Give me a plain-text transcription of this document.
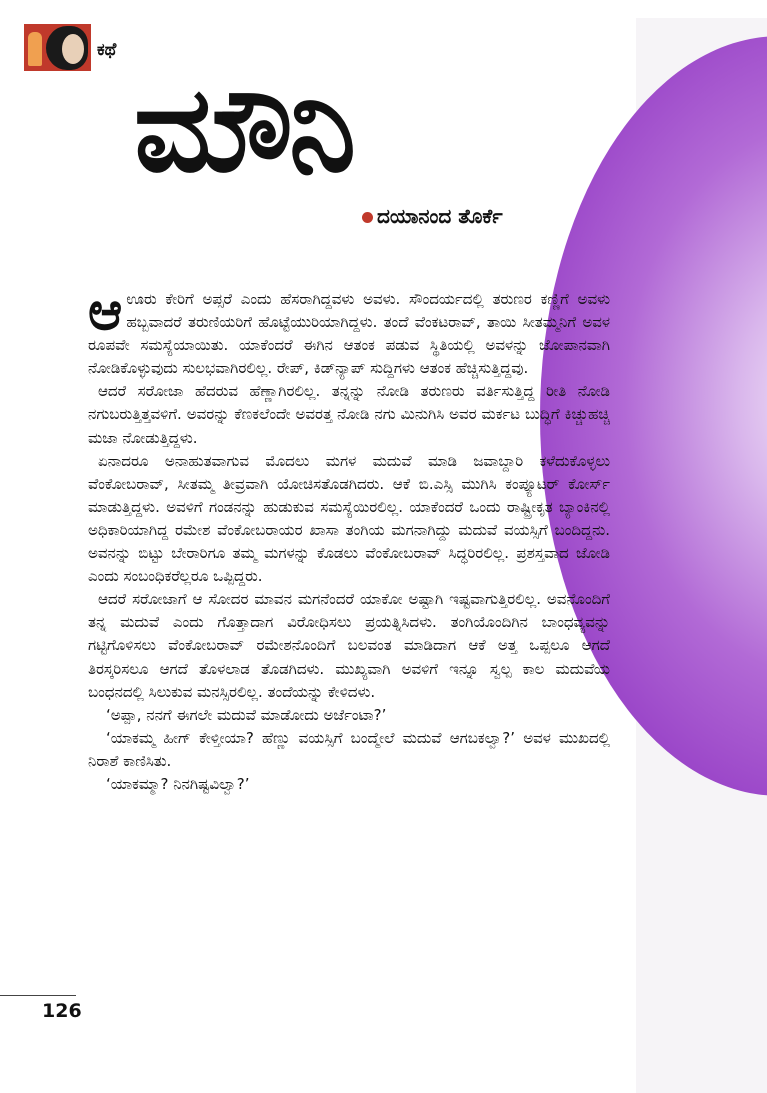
ಕಥೆ
ಮೌನಿ
ದಯಾನಂದ ತೊರ್ಕೆ

ಆಊರು ಕೇರಿಗೆ ಅಪ್ಸರೆ ಎಂದು ಹೆಸರಾಗಿದ್ದವಳು ಅವಳು. ಸೌಂದರ್ಯದಲ್ಲಿ ತರುಣರ ಕಣ್ಣಿಗೆ ಅವಳು ಹಬ್ಬವಾದರೆ ತರುಣಿಯರಿಗೆ ಹೊಟ್ಟೆಯುರಿಯಾಗಿದ್ದಳು. ತಂದೆ ವೆಂಕಟರಾವ್, ತಾಯಿ ಸೀತಮ್ಮನಿಗೆ ಅವಳ ರೂಪವೇ ಸಮಸ್ಯೆಯಾಯಿತು. ಯಾಕೆಂದರೆ ಈಗಿನ ಆತಂಕ ಪಡುವ ಸ್ಥಿತಿಯಲ್ಲಿ ಅವಳನ್ನು ಜೋಪಾನವಾಗಿ ನೋಡಿಕೊಳ್ಳುವುದು ಸುಲಭವಾಗಿರಲಿಲ್ಲ. ರೇಪ್, ಕಿಡ್‌ನ್ಯಾಪ್ ಸುದ್ದಿಗಳು ಆತಂಕ ಹೆಚ್ಚಿಸುತ್ತಿದ್ದವು.

ಆದರೆ ಸರೋಜಾ ಹೆದರುವ ಹೆಣ್ಣಾಗಿರಲಿಲ್ಲ. ತನ್ನನ್ನು ನೋಡಿ ತರುಣರು ವರ್ತಿಸುತ್ತಿದ್ದ ರೀತಿ ನೋಡಿ ನಗುಬರುತ್ತಿತ್ತವಳಿಗೆ. ಅವರನ್ನು ಕೆಣಕಲೆಂದೇ ಅವರತ್ತ ನೋಡಿ ನಗು ಮಿನುಗಿಸಿ ಅವರ ಮರ್ಕಟ ಬುದ್ಧಿಗೆ ಕಿಚ್ಚುಹಚ್ಚಿ ಮಜಾ ನೋಡುತ್ತಿದ್ದಳು.

ಏನಾದರೂ ಅನಾಹುತವಾಗುವ ಮೊದಲು ಮಗಳ ಮದುವೆ ಮಾಡಿ ಜವಾಬ್ದಾರಿ ಕಳೆದುಕೊಳ್ಳಲು ವೆಂಕೋಬರಾವ್, ಸೀತಮ್ಮ ತೀವ್ರವಾಗಿ ಯೋಚಿಸತೊಡಗಿದರು. ಆಕೆ ಬಿ.ಎಸ್ಸಿ ಮುಗಿಸಿ ಕಂಪ್ಯೂಟರ್ ಕೋರ್ಸ್ ಮಾಡುತ್ತಿದ್ದಳು. ಅವಳಿಗೆ ಗಂಡನನ್ನು ಹುಡುಕುವ ಸಮಸ್ಯೆಯಿರಲಿಲ್ಲ. ಯಾಕೆಂದರೆ ಒಂದು ರಾಷ್ಟ್ರೀಕೃತ ಬ್ಯಾಂಕಿನಲ್ಲಿ ಅಧಿಕಾರಿಯಾಗಿದ್ದ ರಮೇಶ ವೆಂಕೋಬರಾಯರ ಖಾಸಾ ತಂಗಿಯ ಮಗನಾಗಿದ್ದು ಮದುವೆ ವಯಸ್ಸಿಗೆ ಬಂದಿದ್ದನು. ಅವನನ್ನು ಬಿಟ್ಟು ಬೇರಾರಿಗೂ ತಮ್ಮ ಮಗಳನ್ನು ಕೊಡಲು ವೆಂಕೋಬರಾವ್ ಸಿದ್ಧರಿರಲಿಲ್ಲ. ಪ್ರಶಸ್ತವಾದ ಜೋಡಿ ಎಂದು ಸಂಬಂಧಿಕರೆಲ್ಲರೂ ಒಪ್ಪಿದ್ದರು.

ಆದರೆ ಸರೋಜಾಗೆ ಆ ಸೋದರ ಮಾವನ ಮಗನೆಂದರೆ ಯಾಕೋ ಅಷ್ಟಾಗಿ ಇಷ್ಟವಾಗುತ್ತಿರಲಿಲ್ಲ. ಅವನೊಂದಿಗೆ ತನ್ನ ಮದುವೆ ಎಂದು ಗೊತ್ತಾದಾಗ ವಿರೋಧಿಸಲು ಪ್ರಯತ್ನಿಸಿದಳು. ತಂಗಿಯೊಂದಿಗಿನ ಬಾಂಧವ್ಯವನ್ನು ಗಟ್ಟಿಗೊಳಿಸಲು ವೆಂಕೋಬರಾವ್ ರಮೇಶನೊಂದಿಗೆ ಬಲವಂತ ಮಾಡಿದಾಗ ಆಕೆ ಅತ್ತ ಒಪ್ಪಲೂ ಆಗದೆ ತಿರಸ್ಕರಿಸಲೂ ಆಗದೆ ತೊಳಲಾಡ ತೊಡಗಿದಳು. ಮುಖ್ಯವಾಗಿ ಅವಳಿಗೆ ಇನ್ನೂ ಸ್ವಲ್ಪ ಕಾಲ ಮದುವೆಯ ಬಂಧನದಲ್ಲಿ ಸಿಲುಕುವ ಮನಸ್ಸಿರಲಿಲ್ಲ. ತಂದೆಯನ್ನು ಕೇಳಿದಳು.

‘ಅಪ್ಪಾ, ನನಗೆ ಈಗಲೇ ಮದುವೆ ಮಾಡೋದು ಅರ್ಜೆಂಟಾ?’

‘ಯಾಕಮ್ಮ ಹೀಗ್ ಕೇಳ್ತೀಯಾ? ಹೆಣ್ಣು ವಯಸ್ಸಿಗೆ ಬಂದ್ಮೇಲೆ ಮದುವೆ ಆಗಬಕಲ್ವಾ?’ ಅವಳ ಮುಖದಲ್ಲಿ ನಿರಾಶೆ ಕಾಣಿಸಿತು.

‘ಯಾಕಮ್ಮಾ? ನಿನಗಿಷ್ಟವಿಲ್ವಾ?’

126
